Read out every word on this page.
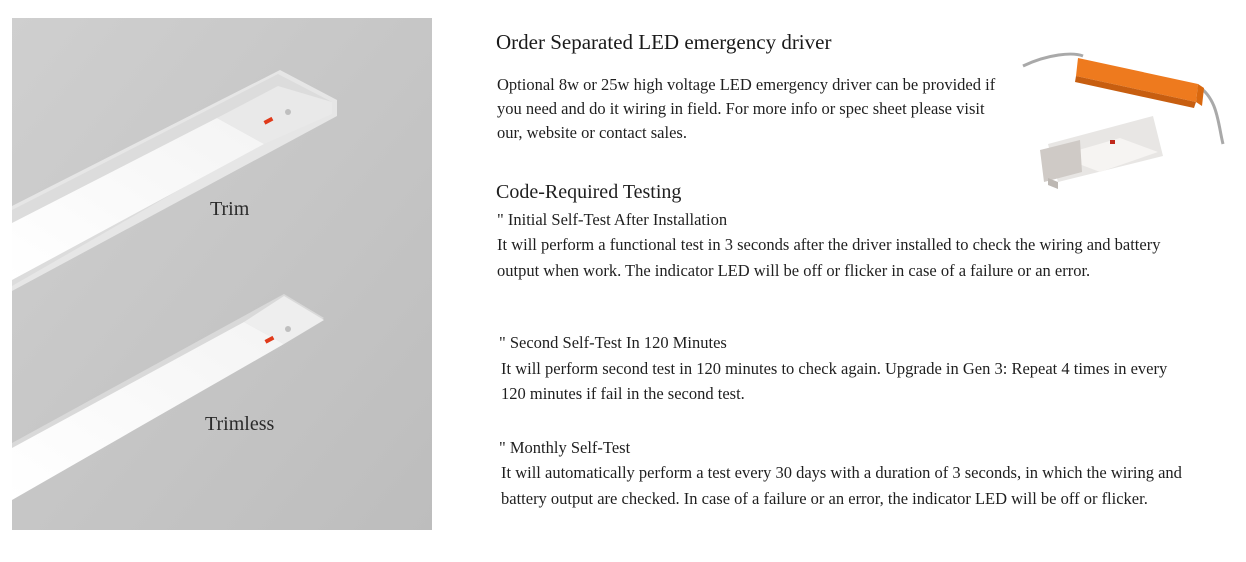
Trim
Trimless
Order Separated LED emergency driver

Optional 8w or 25w high voltage LED emergency driver can be provided if you need and do it wiring in field. For more info or spec sheet please visit our, website or contact sales.

Code-Required Testing
" Initial Self-Test After Installation

It will perform a functional test in 3 seconds after the driver installed to check the wiring and battery output when work. The indicator LED will be off or flicker in case of a failure or an error.

" Second Self-Test In 120 Minutes

It will perform second test in 120 minutes to check again. Upgrade in Gen 3: Repeat 4 times in every 120 minutes if fail in the second test.

" Monthly Self-Test

It will automatically perform a test every 30 days with a duration of 3 seconds, in which the wiring and battery output are checked. In case of a failure or an error, the indicator LED will be off or flicker.
